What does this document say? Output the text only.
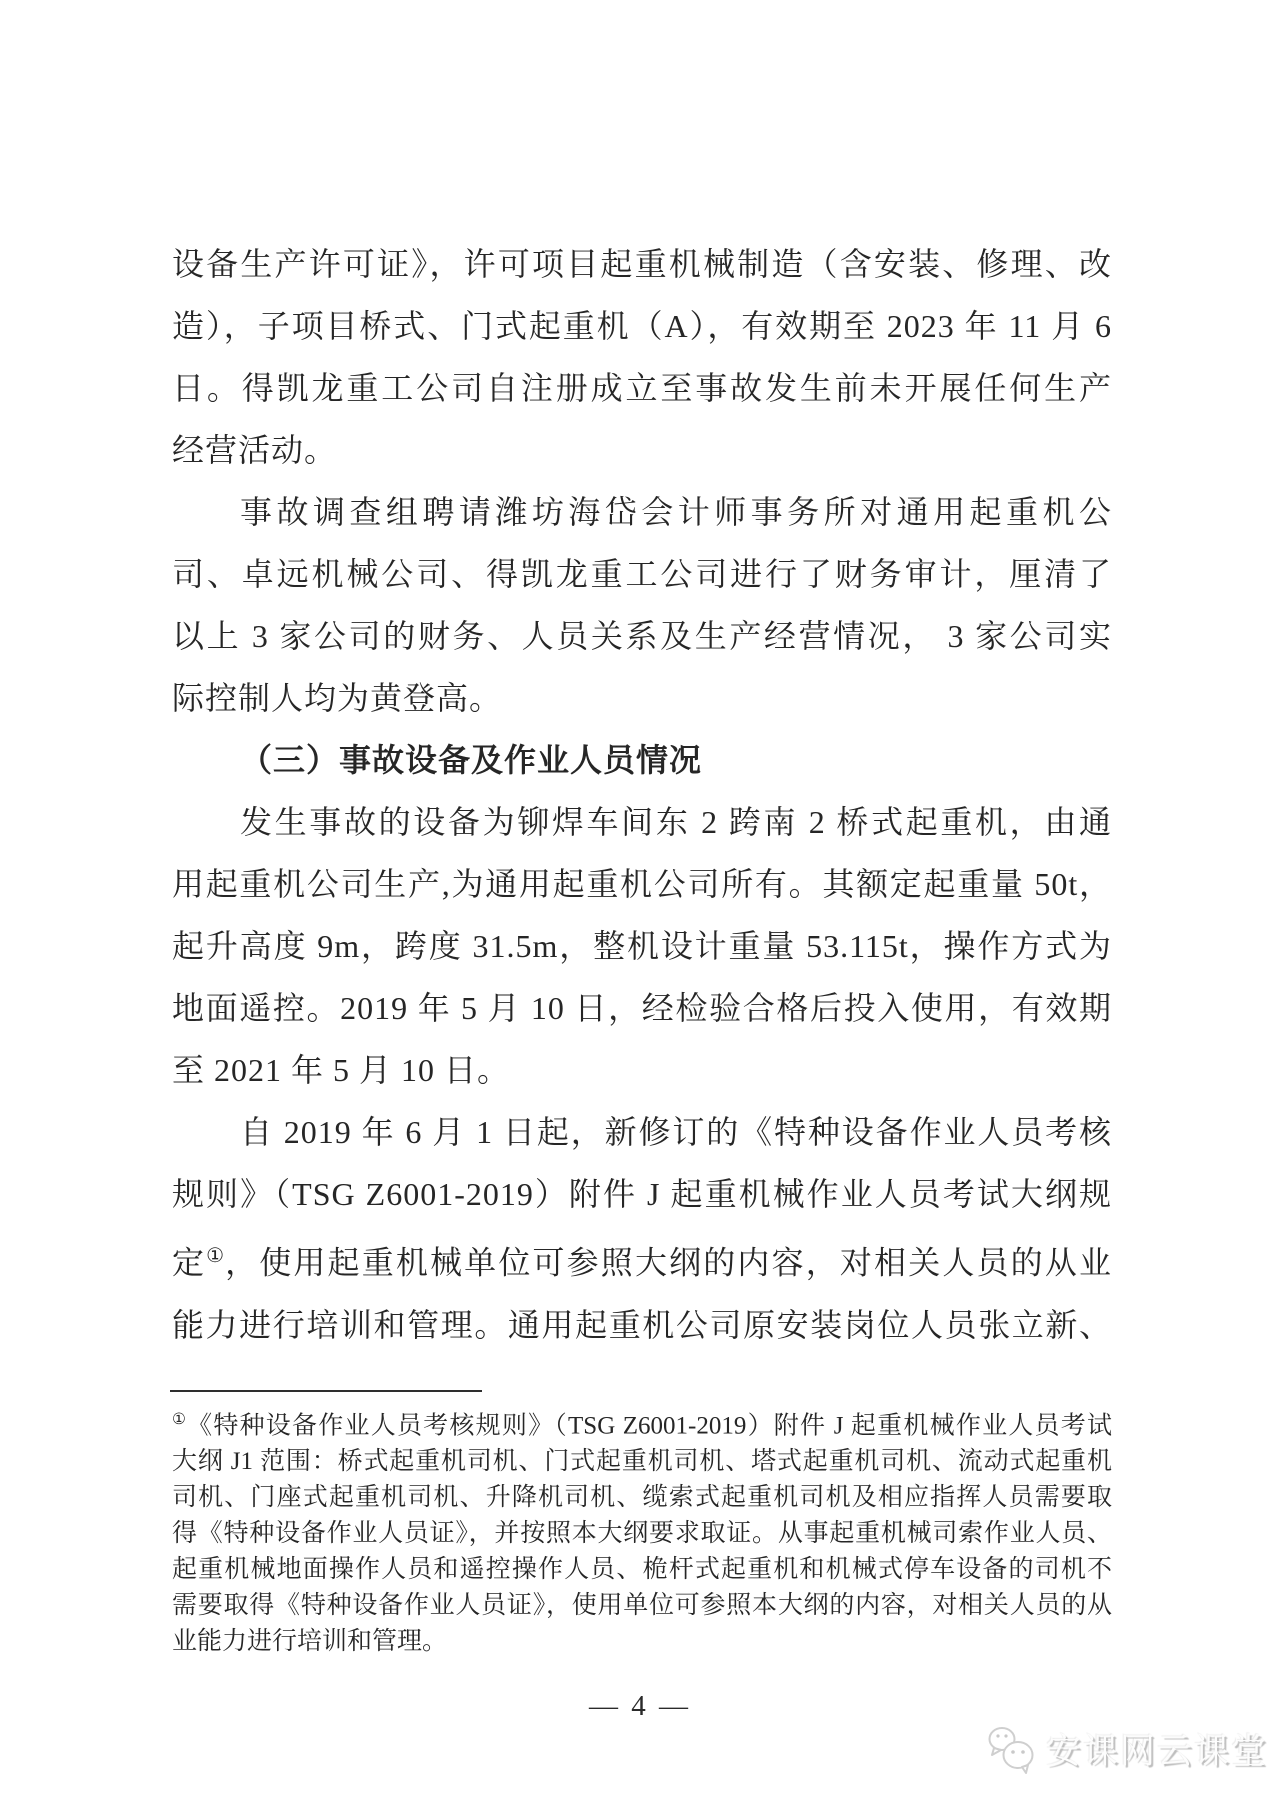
设备生产许可证》，许可项目起重机械制造（含安装、修理、改
造），子项目桥式、门式起重机（A），有效期至 2023 年 11 月 6
日。得凯龙重工公司自注册成立至事故发生前未开展任何生产
经营活动。
事故调查组聘请潍坊海岱会计师事务所对通用起重机公
司、卓远机械公司、得凯龙重工公司进行了财务审计，厘清了
以上 3 家公司的财务、人员关系及生产经营情况， 3 家公司实
际控制人均为黄登高。
（三）事故设备及作业人员情况
发生事故的设备为铆焊车间东 2 跨南 2 桥式起重机，由通
用起重机公司生产,为通用起重机公司所有。其额定起重量 50t，
起升高度 9m，跨度 31.5m，整机设计重量 53.115t，操作方式为
地面遥控。2019 年 5 月 10 日，经检验合格后投入使用，有效期
至 2021 年 5 月 10 日。
自 2019 年 6 月 1 日起，新修订的《特种设备作业人员考核
规则》（TSG Z6001-2019）附件 J 起重机械作业人员考试大纲规
定①，使用起重机械单位可参照大纲的内容，对相关人员的从业
能力进行培训和管理。通用起重机公司原安装岗位人员张立新、
①《特种设备作业人员考核规则》（TSG Z6001-2019）附件 J 起重机械作业人员考试
大纲 J1 范围：桥式起重机司机、门式起重机司机、塔式起重机司机、流动式起重机
司机、门座式起重机司机、升降机司机、缆索式起重机司机及相应指挥人员需要取
得《特种设备作业人员证》，并按照本大纲要求取证。从事起重机械司索作业人员、
起重机械地面操作人员和遥控操作人员、桅杆式起重机和机械式停车设备的司机不
需要取得《特种设备作业人员证》，使用单位可参照本大纲的内容，对相关人员的从
业能力进行培训和管理。
— 4 —
安课网云课堂
